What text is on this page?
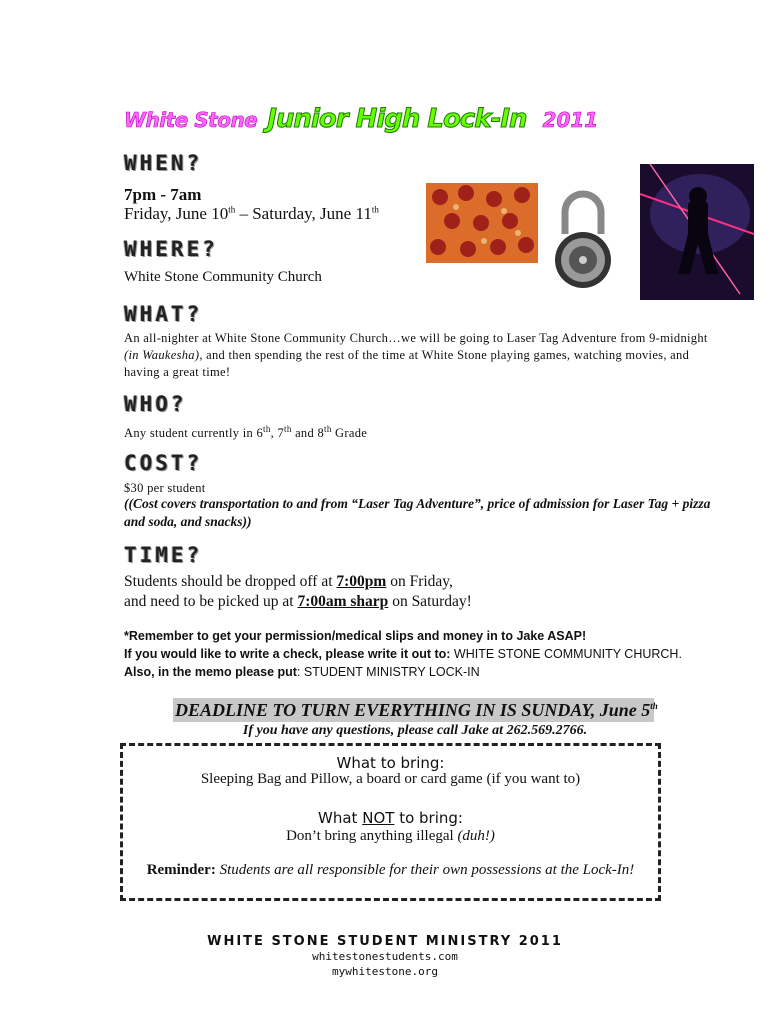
White Stone Junior High Lock-In 2011
WHEN?
7pm - 7am
Friday, June 10th – Saturday, June 11th
WHERE?
White Stone Community Church
WHAT?
An all-nighter at White Stone Community Church…we will be going to Laser Tag Adventure from 9-midnight (in Waukesha), and then spending the rest of the time at White Stone playing games, watching movies, and having a great time!
WHO?
Any student currently in 6th, 7th and 8th Grade
COST?
$30 per student
((Cost covers transportation to and from “Laser Tag Adventure”, price of admission for Laser Tag + pizza and soda, and snacks))
TIME?
Students should be dropped off at 7:00pm on Friday,
and need to be picked up at 7:00am sharp on Saturday!
*Remember to get your permission/medical slips and money in to Jake ASAP!
If you would like to write a check, please write it out to: WHITE STONE COMMUNITY CHURCH.
Also, in the memo please put: STUDENT MINISTRY LOCK-IN
DEADLINE TO TURN EVERYTHING IN IS SUNDAY, June 5th
If you have any questions, please call Jake at 262.569.2766.
What to bring:
Sleeping Bag and Pillow, a board or card game (if you want to)
What NOT to bring:
Don’t bring anything illegal (duh!)
Reminder: Students are all responsible for their own possessions at the Lock-In!
WHITE STONE STUDENT MINISTRY 2011
whitestonestudents.com
mywhitestone.org
